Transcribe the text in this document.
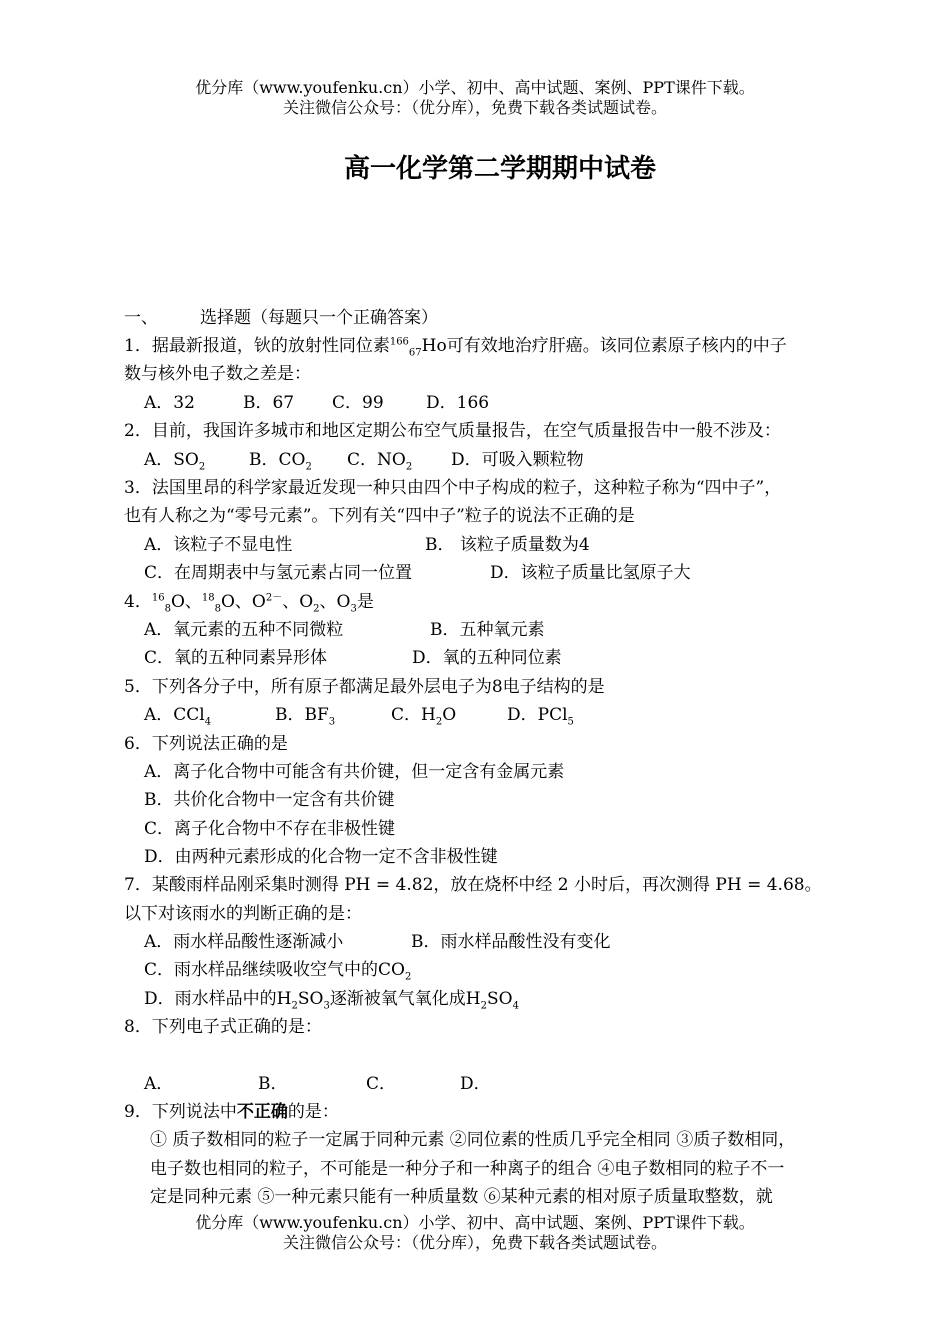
优分库（www.youfenku.cn）小学、初中、高中试题、案例、PPT课件下载。
关注微信公众号：（优分库），免费下载各类试题试卷。
高一化学第二学期期中试卷
一、 选择题（每题只一个正确答案）
1．据最新报道，钬的放射性同位素$^{166}_{67}$Ho可有效地治疗肝癌。该同位素原子核内的中子
数与核外电子数之差是：
A．32	B．67 C．99 D．166
2．目前，我国许多城市和地区定期公布空气质量报告，在空气质量报告中一般不涉及：
A．$SO_2$	B．$CO_2$ C．$NO_2$ D．可吸入颗粒物
3．法国里昂的科学家最近发现一种只由四个中子构成的粒子，这种粒子称为“四中子”，
也有人称之为“零号元素”。下列有关“四中子”粒子的说法不正确的是
A．该粒子不显电性	B． 该粒子质量数为4
C．在周期表中与氢元素占同一位置	D．该粒子质量比氢原子大
4．$^{16}_8$O、$^{18}_8$O、$O^{2-}$、$O_2$、$O_3$是
A．氧元素的五种不同微粒	B．五种氧元素
C．氧的五种同素异形体	D．氧的五种同位素
5．下列各分子中，所有原子都满足最外层电子为8电子结构的是
A．CCl$_4$	B．$BF_3$	C．$H_2O$	D．PCl$_5$
6．下列说法正确的是
A．离子化合物中可能含有共价键，但一定含有金属元素
B．共价化合物中一定含有共价键
C．离子化合物中不存在非极性键
D．由两种元素形成的化合物一定不含非极性键
7．某酸雨样品刚采集时测得 PH = 4.82，放在烧杯中经 2 小时后，再次测得 PH = 4.68。
以下对该雨水的判断正确的是：
A．雨水样品酸性逐渐减小	B．雨水样品酸性没有变化
C．雨水样品继续吸收空气中的$CO_2$
D．雨水样品中的$H_2SO_3$逐渐被氧气氧化成$H_2SO_4$
8．下列电子式正确的是：
A．	B．	C．	D．
9．下列说法中不正确的是：
① 质子数相同的粒子一定属于同种元素 ②同位素的性质几乎完全相同 ③质子数相同，
电子数也相同的粒子，不可能是一种分子和一种离子的组合 ④电子数相同的粒子不一
定是同种元素 ⑤一种元素只能有一种质量数 ⑥某种元素的相对原子质量取整数，就
优分库（www.youfenku.cn）小学、初中、高中试题、案例、PPT课件下载。
关注微信公众号：（优分库），免费下载各类试题试卷。
